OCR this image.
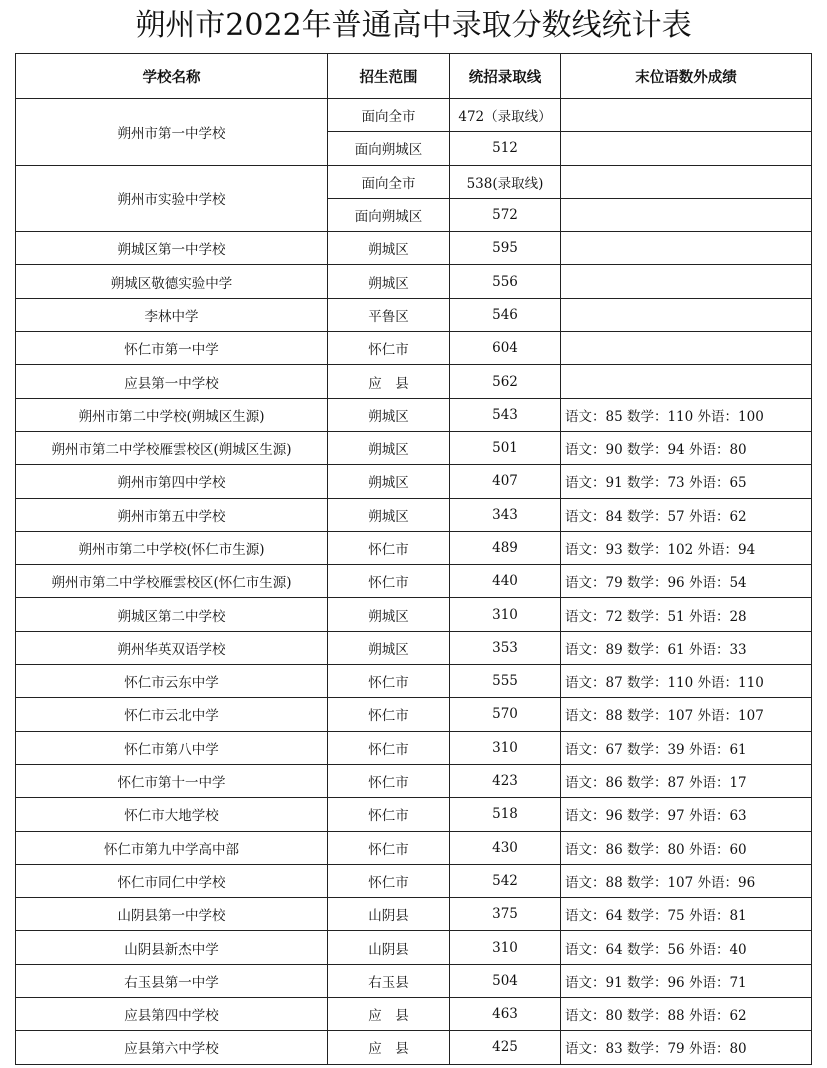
朔州市2022年普通高中录取分数线统计表
学校名称	招生范围	统招录取线	末位语数外成绩
朔州市第一中学校	面向全市	472（录取线）	
	面向朔城区	512	
朔州市实验中学校	面向全市	538(录取线)	
	面向朔城区	572	
朔城区第一中学校	朔城区	595	
朔城区敬德实验中学	朔城区	556	
李林中学	平鲁区	546	
怀仁市第一中学	怀仁市	604	
应县第一中学校	应　县	562	
朔州市第二中学校(朔城区生源)	朔城区	543	语文：85 数学：110 外语：100
朔州市第二中学校雁雲校区(朔城区生源)	朔城区	501	语文：90 数学：94 外语：80
朔州市第四中学校	朔城区	407	语文：91 数学：73 外语：65
朔州市第五中学校	朔城区	343	语文：84 数学：57 外语：62
朔州市第二中学校(怀仁市生源)	怀仁市	489	语文：93 数学：102 外语：94
朔州市第二中学校雁雲校区(怀仁市生源)	怀仁市	440	语文：79 数学：96 外语：54
朔城区第二中学校	朔城区	310	语文：72 数学：51 外语：28
朔州华英双语学校	朔城区	353	语文：89 数学：61 外语：33
怀仁市云东中学	怀仁市	555	语文：87 数学：110 外语：110
怀仁市云北中学	怀仁市	570	语文：88 数学：107 外语：107
怀仁市第八中学	怀仁市	310	语文：67 数学：39 外语：61
怀仁市第十一中学	怀仁市	423	语文：86 数学：87 外语：17
怀仁市大地学校	怀仁市	518	语文：96 数学：97 外语：63
怀仁市第九中学高中部	怀仁市	430	语文：86 数学：80 外语：60
怀仁市同仁中学校	怀仁市	542	语文：88 数学：107 外语：96
山阴县第一中学校	山阴县	375	语文：64 数学：75 外语：81
山阴县新杰中学	山阴县	310	语文：64 数学：56 外语：40
右玉县第一中学	右玉县	504	语文：91 数学：96 外语：71
应县第四中学校	应　县	463	语文：80 数学：88 外语：62
应县第六中学校	应　县	425	语文：83 数学：79 外语：80
